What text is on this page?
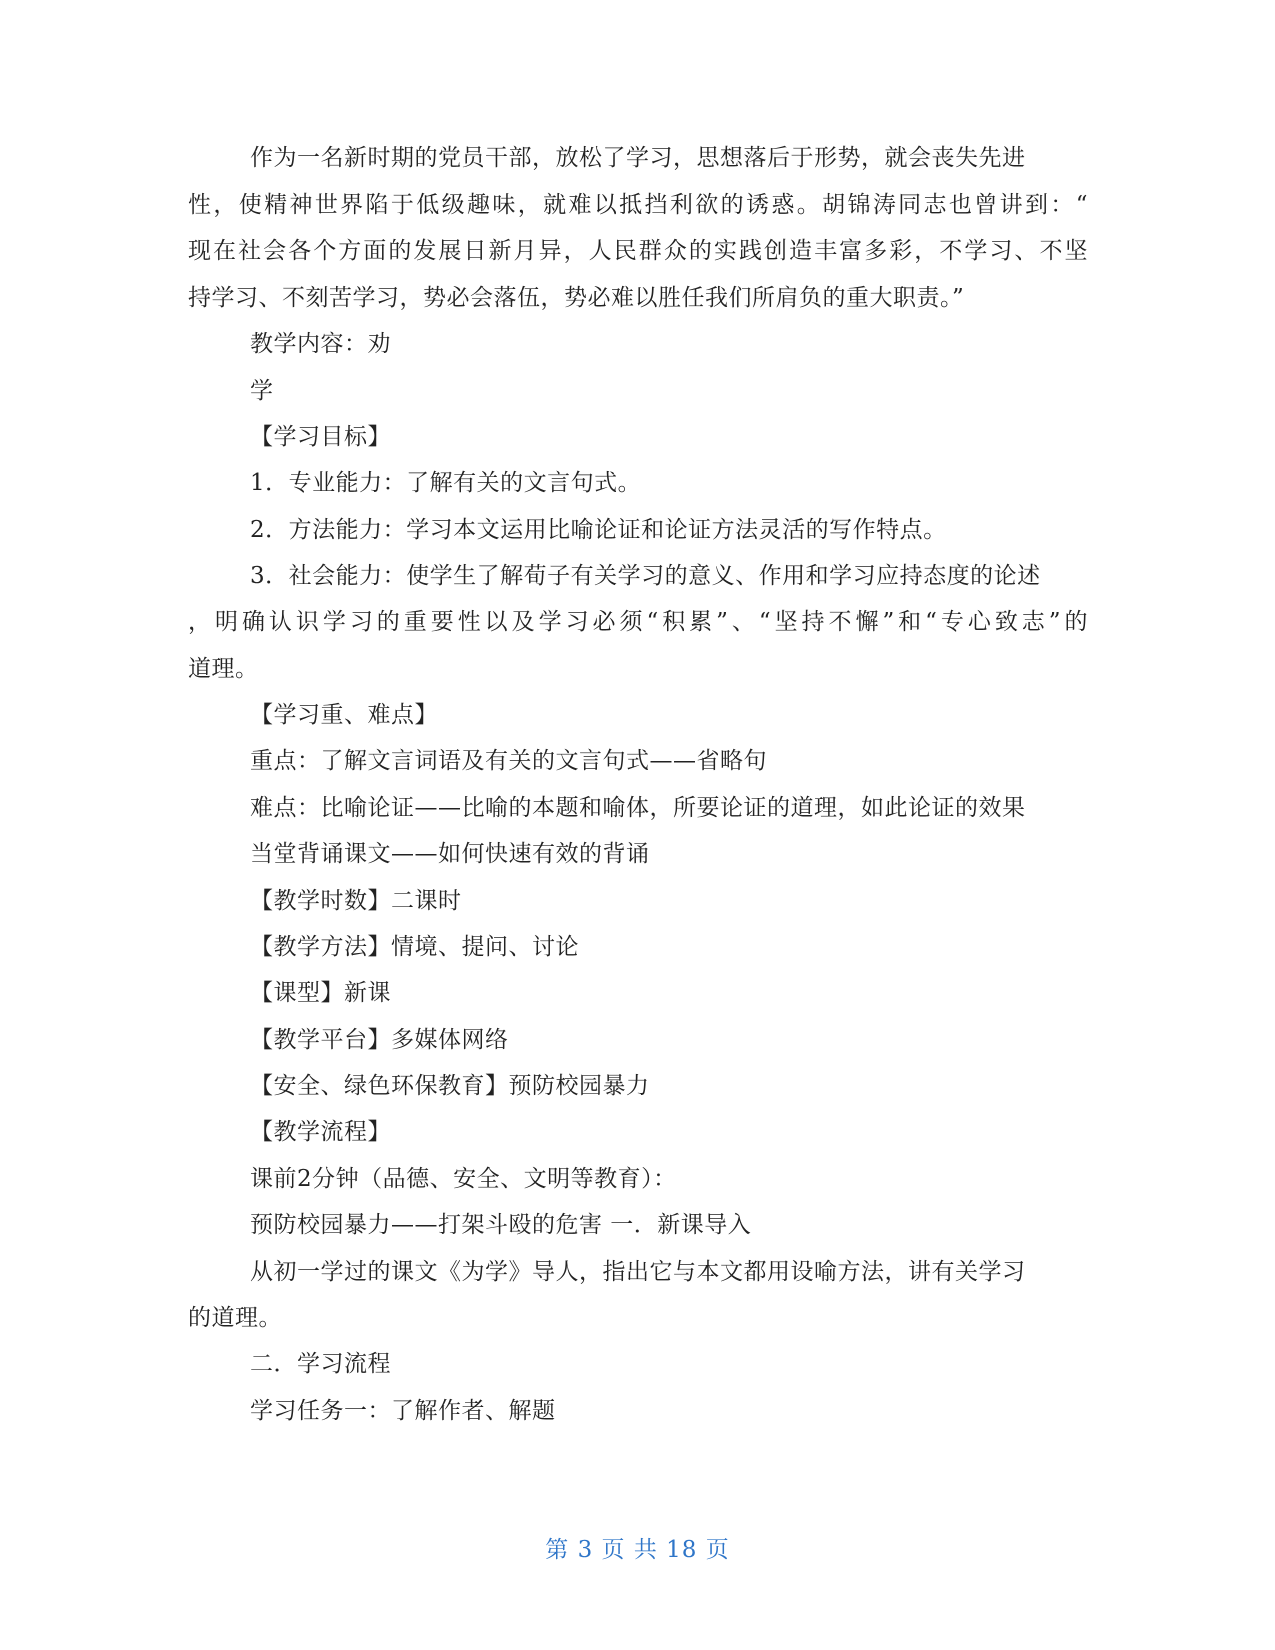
作为一名新时期的党员干部，放松了学习，思想落后于形势，就会丧失先进
性，使精神世界陷于低级趣味，就难以抵挡利欲的诱惑。胡锦涛同志也曾讲到：“
现在社会各个方面的发展日新月异，人民群众的实践创造丰富多彩，不学习、不坚
持学习、不刻苦学习，势必会落伍，势必难以胜任我们所肩负的重大职责。”
教学内容：劝
学
【学习目标】
1．专业能力：了解有关的文言句式。
2．方法能力：学习本文运用比喻论证和论证方法灵活的写作特点。
3．社会能力：使学生了解荀子有关学习的意义、作用和学习应持态度的论述
，明确认识学习的重要性以及学习必须“积累”、“坚持不懈”和“专心致志”的
道理。
【学习重、难点】
重点：了解文言词语及有关的文言句式——省略句
难点：比喻论证——比喻的本题和喻体，所要论证的道理，如此论证的效果
当堂背诵课文——如何快速有效的背诵
【教学时数】二课时
【教学方法】情境、提问、讨论
【课型】新课
【教学平台】多媒体网络
【安全、绿色环保教育】预防校园暴力
【教学流程】
课前2分钟（品德、安全、文明等教育）：
预防校园暴力——打架斗殴的危害 一．新课导入
从初一学过的课文《为学》导人，指出它与本文都用设喻方法，讲有关学习
的道理。
二．学习流程
学习任务一：了解作者、解题
第 3 页 共 18 页
